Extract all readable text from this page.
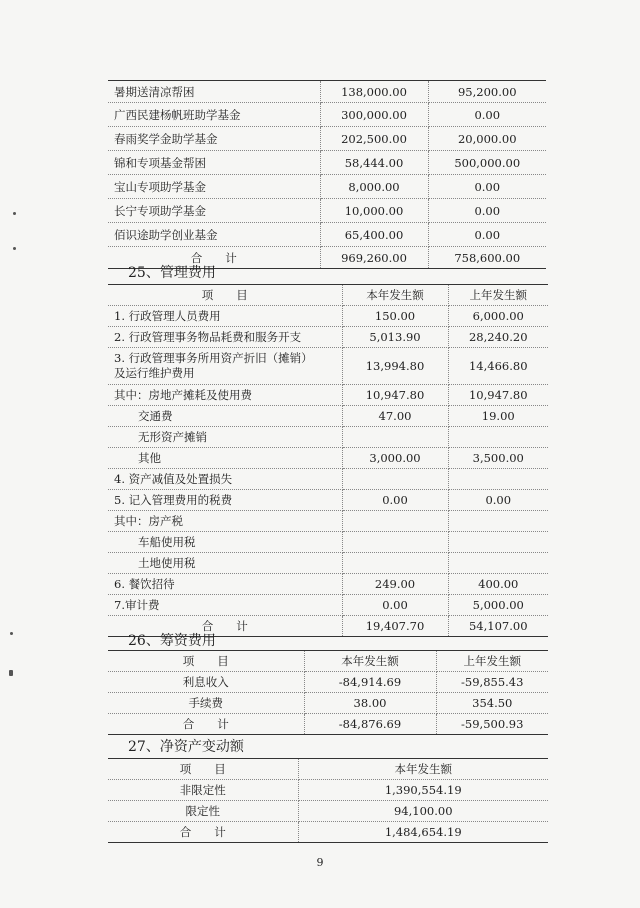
暑期送清凉帮困	138,000.00	95,200.00
广西民建杨帆班助学基金	300,000.00	0.00
春雨奖学金助学基金	202,500.00	20,000.00
锦和专项基金帮困	58,444.00	500,000.00
宝山专项助学基金	8,000.00	0.00
长宁专项助学基金	10,000.00	0.00
佰识途助学创业基金	65,400.00	0.00
合　　计	969,260.00	758,600.00
25、管理费用
项　　目	本年发生额	上年发生额
1. 行政管理人员费用	150.00	6,000.00
2. 行政管理事务物品耗费和服务开支	5,013.90	28,240.20

3. 行政管理事务所用资产折旧（摊销）
及运行维护费用	13,994.80	14,466.80
其中：房地产摊耗及使用费	10,947.80	10,947.80
交通费	47.00	19.00
无形资产摊销		
其他	3,000.00	3,500.00
4. 资产减值及处置损失		
5. 记入管理费用的税费	0.00	0.00
其中：房产税		
车船使用税		
土地使用税		
6. 餐饮招待	249.00	400.00
7.审计费	0.00	5,000.00
合　　计	19,407.70	54,107.00
26、筹资费用
项　　目	本年发生额	上年发生额
利息收入	-84,914.69	-59,855.43
手续费	38.00	354.50
合　　计	-84,876.69	-59,500.93
27、净资产变动额
项　　目	本年发生额
非限定性	1,390,554.19
限定性	94,100.00
合　　计	1,484,654.19
9
